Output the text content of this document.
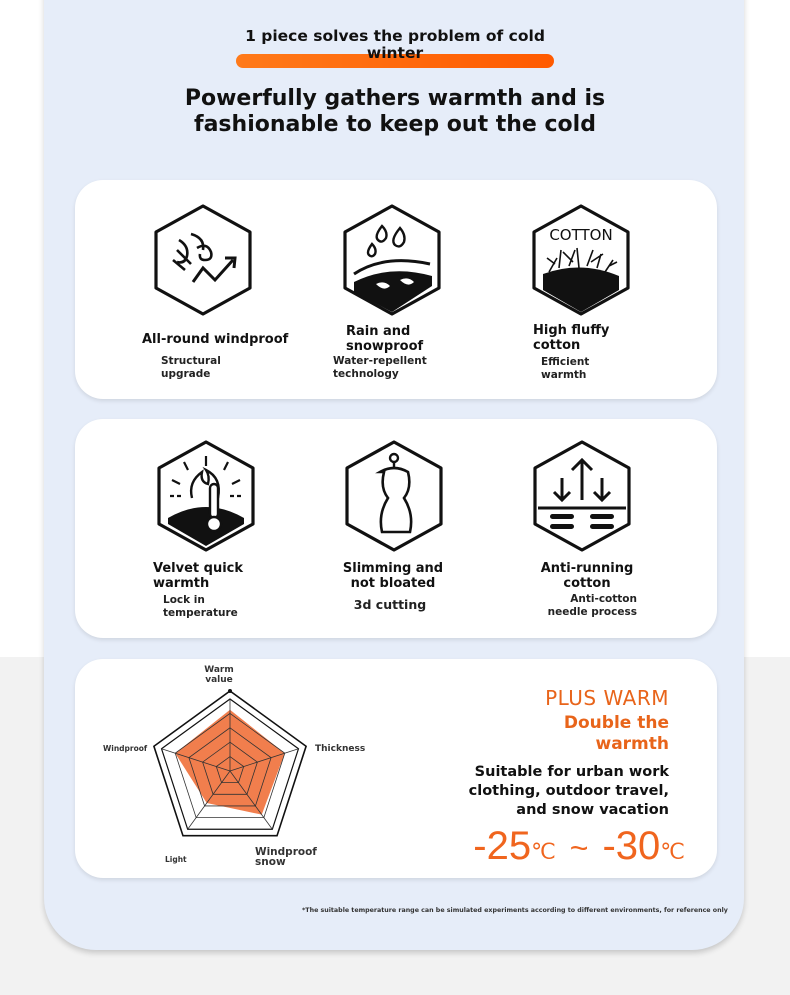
1 piece solves the problem of cold winter
Powerfully gathers warmth and is
fashionable to keep out the cold
All-round windproof
Structural upgrade
Rain and snowproof
Water-repellent technology
COTTON
High fluffy cotton
Efficient warmth
Velvet quick warmth
Lock in temperature
Slimming and not bloated
3d cutting
Anti-running cotton
Anti-cotton needle process
Warm value
Thickness
Windproof snow
Light
Windproof
PLUS WARM
Double the warmth
Suitable for urban work clothing, outdoor travel, and snow vacation
-25℃ ~ -30℃
*The suitable temperature range can be simulated experiments according to different environments, for reference only
